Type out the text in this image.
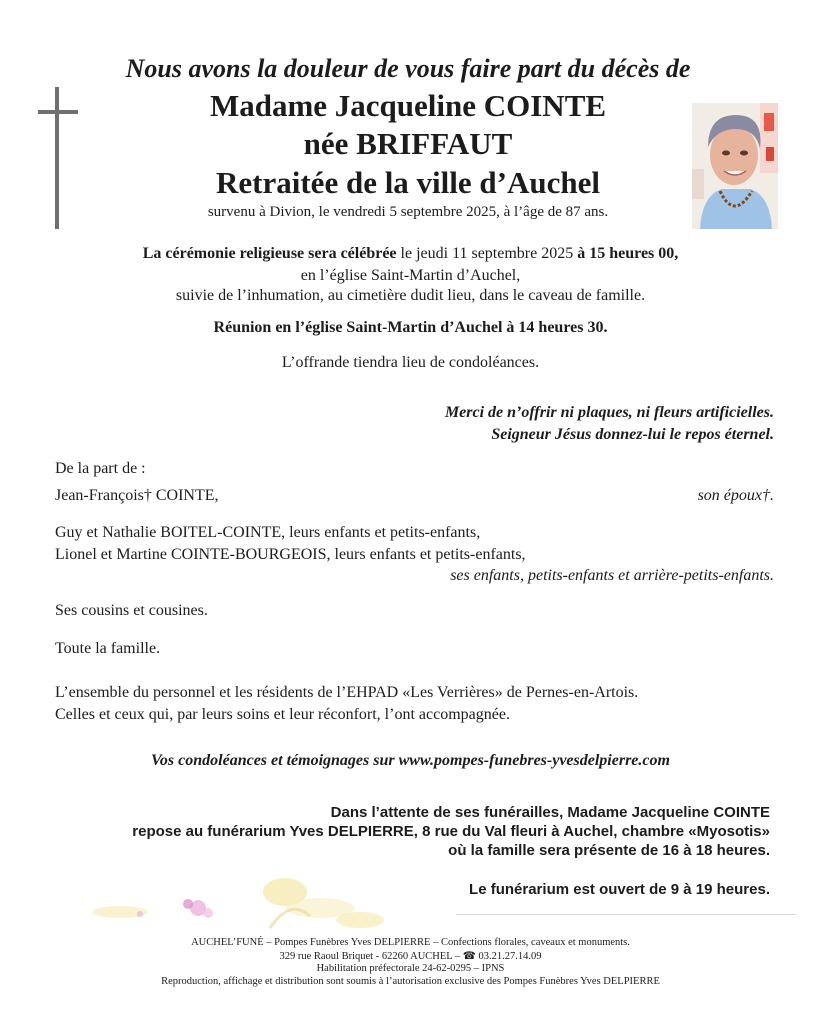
Nous avons la douleur de vous faire part du décès de
Madame Jacqueline COINTE
née BRIFFAUT
Retraitée de la ville d’Auchel
survenu à Divion, le vendredi 5 septembre 2025, à l’âge de 87 ans.
La cérémonie religieuse sera célébrée le jeudi 11 septembre 2025 à 15 heures 00,
en l’église Saint-Martin d’Auchel,
suivie de l’inhumation, au cimetière dudit lieu, dans le caveau de famille.
Réunion en l’église Saint-Martin d’Auchel à 14 heures 30.
L’offrande tiendra lieu de condoléances.
Merci de n’offrir ni plaques, ni fleurs artificielles.
Seigneur Jésus donnez-lui le repos éternel.
De la part de :
Jean-François† COINTE,	son époux†.
Guy et Nathalie BOITEL-COINTE, leurs enfants et petits-enfants,
Lionel et Martine COINTE-BOURGEOIS, leurs enfants et petits-enfants,
ses enfants, petits-enfants et arrière-petits-enfants.
Ses cousins et cousines.
Toute la famille.
L’ensemble du personnel et les résidents de l’EHPAD «Les Verrières» de Pernes-en-Artois.
Celles et ceux qui, par leurs soins et leur réconfort, l’ont accompagnée.
Vos condoléances et témoignages sur www.pompes-funebres-yvesdelpierre.com
Dans l’attente de ses funérailles, Madame Jacqueline COINTE
repose au funérarium Yves DELPIERRE, 8 rue du Val fleuri à Auchel, chambre «Myosotis»
où la famille sera présente de 16 à 18 heures.
Le funérarium est ouvert de 9 à 19 heures.
AUCHEL’FUNÉ – Pompes Funèbres Yves DELPIERRE – Confections florales, caveaux et monuments.
329 rue Raoul Briquet - 62260 AUCHEL – ☎ 03.21.27.14.09
Habilitation préfectorale 24-62-0295 – IPNS
Reproduction, affichage et distribution sont soumis à l’autorisation exclusive des Pompes Funèbres Yves DELPIERRE
